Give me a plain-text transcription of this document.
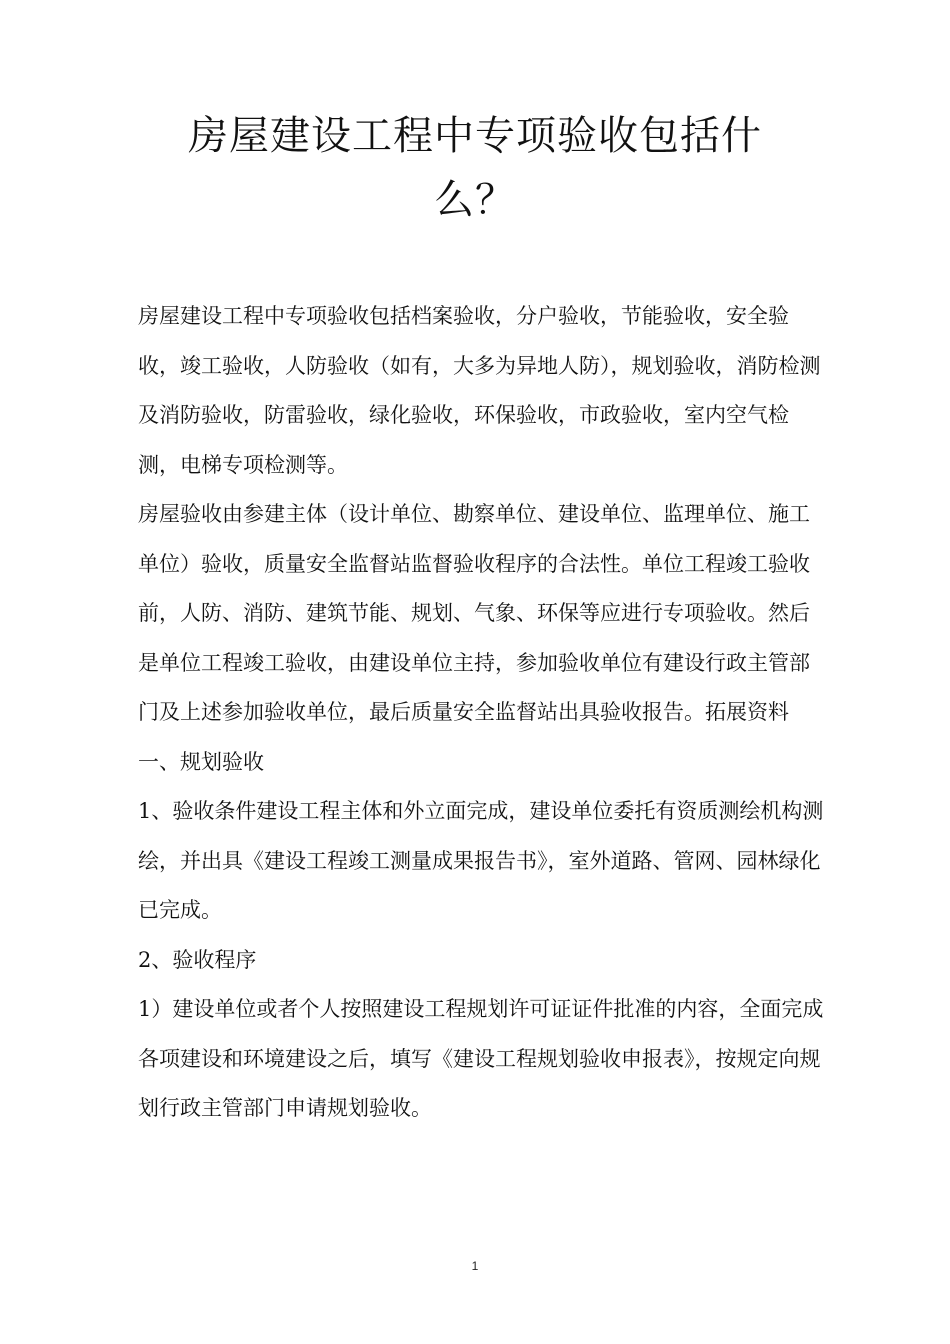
房屋建设工程中专项验收包括什么？

房屋建设工程中专项验收包括档案验收，分户验收，节能验收，安全验收，竣工验收，人防验收（如有，大多为异地人防），规划验收，消防检测及消防验收，防雷验收，绿化验收，环保验收，市政验收，室内空气检测，电梯专项检测等。

房屋验收由参建主体（设计单位、勘察单位、建设单位、监理单位、施工单位）验收，质量安全监督站监督验收程序的合法性。单位工程竣工验收前，人防、消防、建筑节能、规划、气象、环保等应进行专项验收。然后是单位工程竣工验收，由建设单位主持，参加验收单位有建设行政主管部门及上述参加验收单位，最后质量安全监督站出具验收报告。拓展资料一、规划验收

1、验收条件建设工程主体和外立面完成，建设单位委托有资质测绘机构测绘，并出具《建设工程竣工测量成果报告书》，室外道路、管网、园林绿化已完成。

2、验收程序

1）建设单位或者个人按照建设工程规划许可证证件批准的内容，全面完成各项建设和环境建设之后，填写《建设工程规划验收申报表》，按规定向规划行政主管部门申请规划验收。

1
